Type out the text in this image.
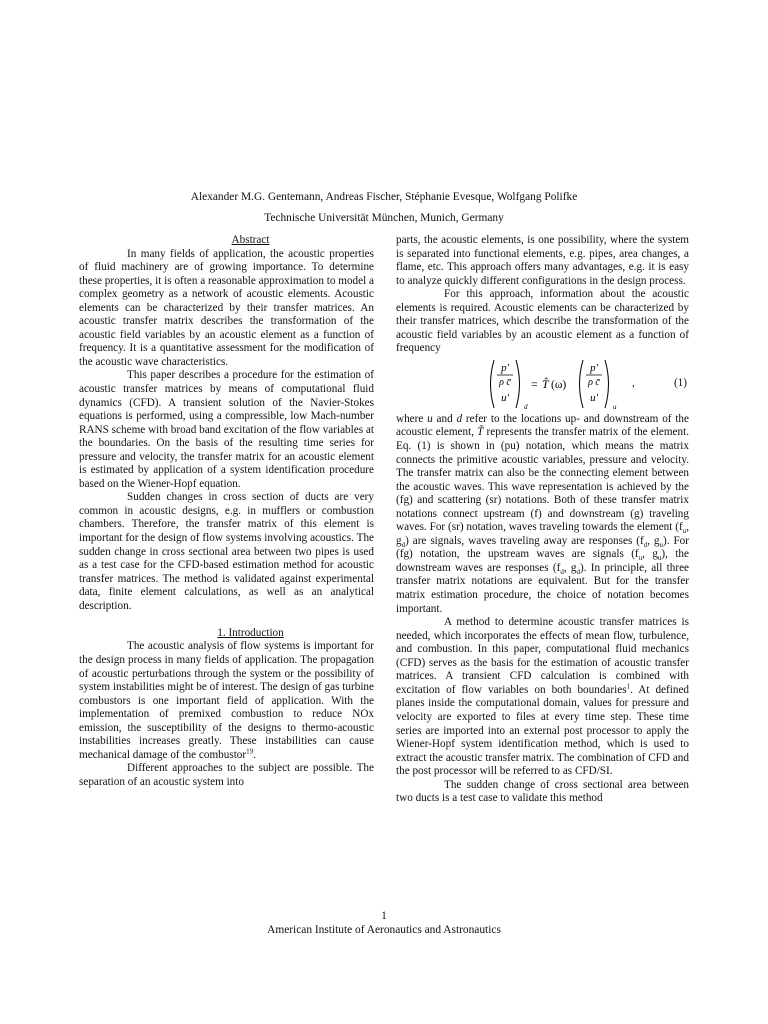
Alexander M.G. Gentemann, Andreas Fischer, Stéphanie Evesque, Wolfgang Polifke
Technische Universität München, Munich, Germany

Abstract

In many fields of application, the acoustic properties of fluid machinery are of growing importance. To determine these properties, it is often a reasonable approximation to model a complex geometry as a network of acoustic elements. Acoustic elements can be characterized by their transfer matrices. An acoustic transfer matrix describes the transformation of the acoustic field variables by an acoustic element as a function of frequency. It is a quantitative assessment for the modification of the acoustic wave characteristics.

This paper describes a procedure for the estimation of acoustic transfer matrices by means of computational fluid dynamics (CFD). A transient solution of the Navier-Stokes equations is performed, using a compressible, low Mach-number RANS scheme with broad band excitation of the flow variables at the boundaries. On the basis of the resulting time series for pressure and velocity, the transfer matrix for an acoustic element is estimated by application of a system identification procedure based on the Wiener-Hopf equation.

Sudden changes in cross section of ducts are very common in acoustic designs, e.g. in mufflers or combustion chambers. Therefore, the transfer matrix of this element is important for the design of flow systems involving acoustics. The sudden change in cross sectional area between two pipes is used as a test case for the CFD-based estimation method for acoustic transfer matrices. The method is validated against experimental data, finite element calculations, as well as an analytical description.

1. Introduction

The acoustic analysis of flow systems is important for the design process in many fields of application. The propagation of acoustic perturbations through the system or the possibility of system instabilities might be of interest. The design of gas turbine combustors is one important field of application. With the implementation of premixed combustion to reduce NOx emission, the susceptibility of the designs to thermo-acoustic instabilities increases greatly. These instabilities can cause mechanical damage of the combustor$^{19}$.

Different approaches to the subject are possible. The separation of an acoustic system into

parts, the acoustic elements, is one possibility, where the system is separated into functional elements, e.g. pipes, area changes, a flame, etc. This approach offers many advantages, e.g. it is easy to analyze quickly different configurations in the design process.

For this approach, information about the acoustic elements is required. Acoustic elements can be characterized by their transfer matrices, which describe the transformation of the acoustic field variables by an acoustic element as a function of frequency

p'
ρ c̄
u'
d
= T̂ (ω)
p'
ρ c̄
u'
u
,	(1)

where u and d refer to the locations up- and downstream of the acoustic element, T̃ represents the transfer matrix of the element. Eq. (1) is shown in (pu) notation, which means the matrix connects the primitive acoustic variables, pressure and velocity. The transfer matrix can also be the connecting element between the acoustic waves. This wave representation is achieved by the (fg) and scattering (sr) notations. Both of these transfer matrix notations connect upstream (f) and downstream (g) traveling waves. For (sr) notation, waves traveling towards the element ($f_u$, $g_d$) are signals, waves traveling away are responses ($f_d$, $g_u$). For (fg) notation, the upstream waves are signals ($f_u$, $g_u$), the downstream waves are responses ($f_d$, $g_d$). In principle, all three transfer matrix notations are equivalent. But for the transfer matrix estimation procedure, the choice of notation becomes important.

A method to determine acoustic transfer matrices is needed, which incorporates the effects of mean flow, turbulence, and combustion. In this paper, computational fluid mechanics (CFD) serves as the basis for the estimation of acoustic transfer matrices. A transient CFD calculation is combined with excitation of flow variables on both boundaries$^1$. At defined planes inside the computational domain, values for pressure and velocity are exported to files at every time step. These time series are imported into an external post processor to apply the Wiener-Hopf system identification method, which is used to extract the acoustic transfer matrix. The combination of CFD and the post processor will be referred to as CFD/SI.

The sudden change of cross sectional area between two ducts is a test case to validate this method

1
American Institute of Aeronautics and Astronautics
